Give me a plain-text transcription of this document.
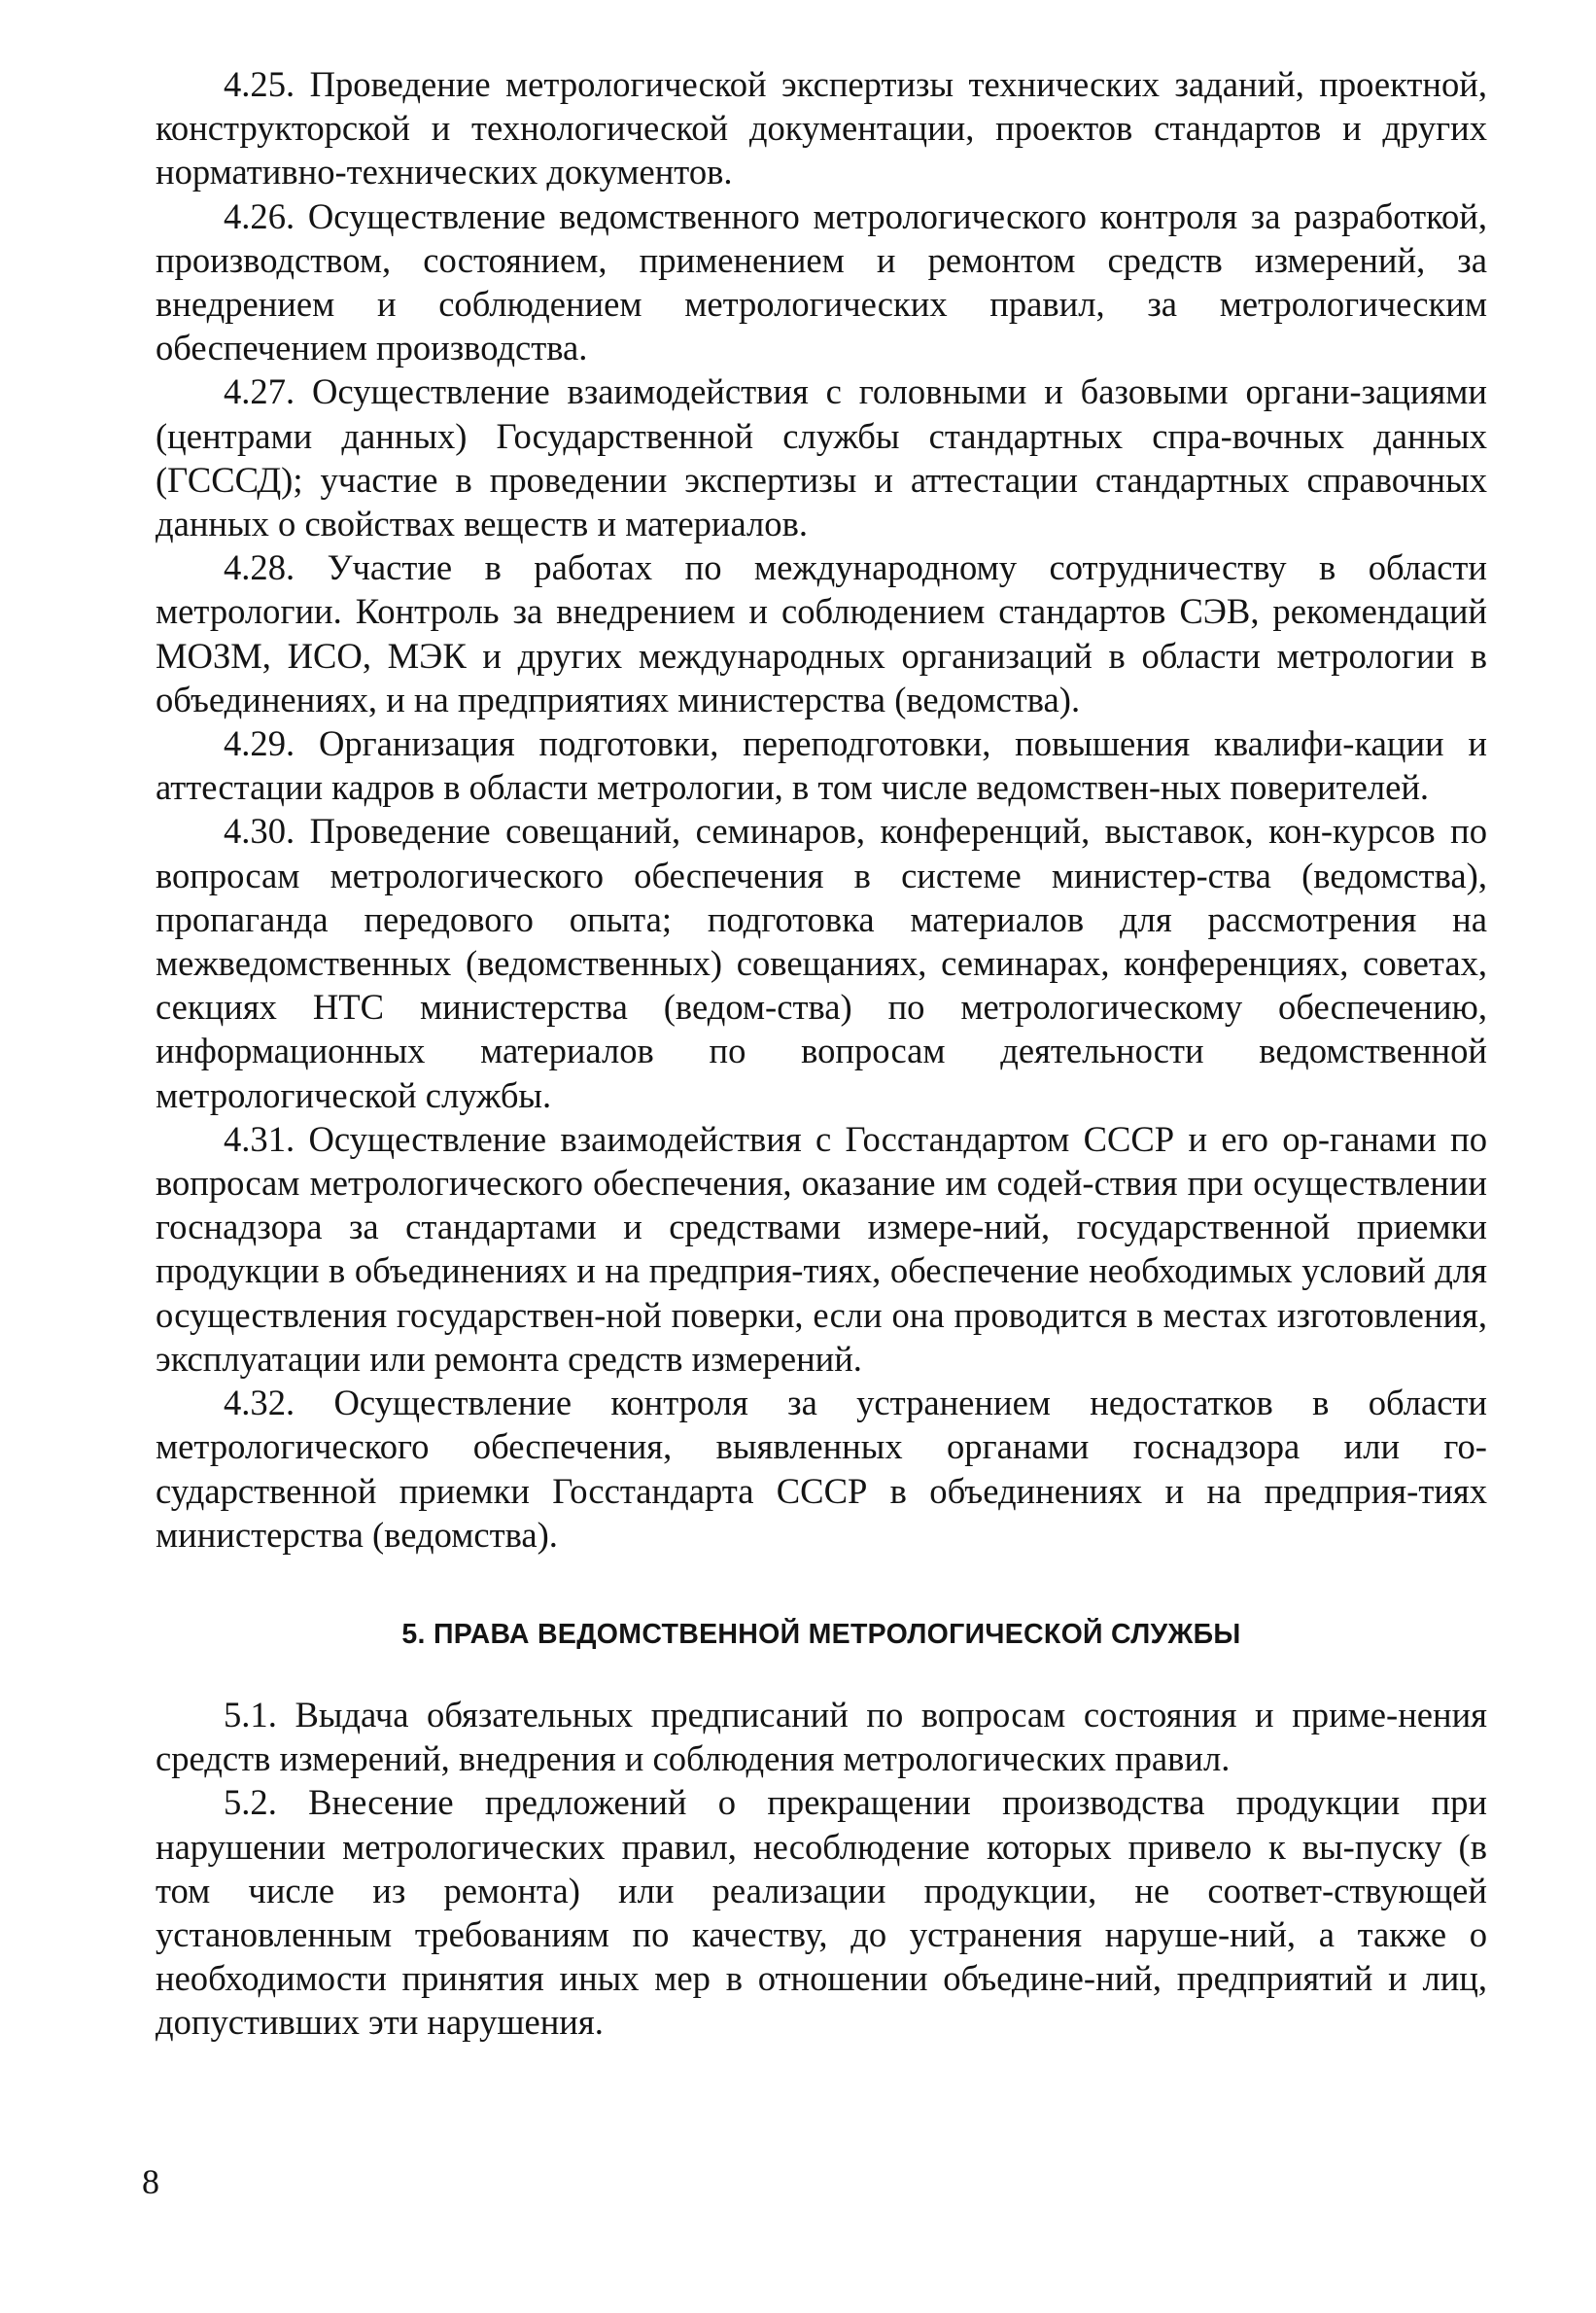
4.25. Проведение метрологической экспертизы технических заданий, проектной, конструкторской и технологической документации, проектов стандартов и других нормативно-технических документов.

4.26. Осуществление ведомственного метрологического контроля за разработкой, производством, состоянием, применением и ремонтом средств измерений, за внедрением и соблюдением метрологических правил, за метрологическим обеспечением производства.

4.27. Осуществление взаимодействия с головными и базовыми органи-зациями (центрами данных) Государственной службы стандартных спра-вочных данных (ГСССД); участие в проведении экспертизы и аттестации стандартных справочных данных о свойствах веществ и материалов.

4.28. Участие в работах по международному сотрудничеству в области метрологии. Контроль за внедрением и соблюдением стандартов СЭВ, рекомендаций МОЗМ, ИСО, МЭК и других международных организаций в области метрологии в объединениях, и на предприятиях министерства (ведомства).

4.29. Организация подготовки, переподготовки, повышения квалифи-кации и аттестации кадров в области метрологии, в том числе ведомствен-ных поверителей.

4.30. Проведение совещаний, семинаров, конференций, выставок, кон-курсов по вопросам метрологического обеспечения в системе министер-ства (ведомства), пропаганда передового опыта; подготовка материалов для рассмотрения на межведомственных (ведомственных) совещаниях, семинарах, конференциях, советах, секциях НТС министерства (ведом-ства) по метрологическому обеспечению, информационных материалов по вопросам деятельности ведомственной метрологической службы.

4.31. Осуществление взаимодействия с Госстандартом СССР и его ор-ганами по вопросам метрологического обеспечения, оказание им содей-ствия при осуществлении госнадзора за стандартами и средствами измере-ний, государственной приемки продукции в объединениях и на предприя-тиях, обеспечение необходимых условий для осуществления государствен-ной поверки, если она проводится в местах изготовления, эксплуатации или ремонта средств измерений.

4.32. Осуществление контроля за устранением недостатков в области метрологического обеспечения, выявленных органами госнадзора или го-сударственной приемки Госстандарта СССР в объединениях и на предприя-тиях министерства (ведомства).

5. ПРАВА ВЕДОМСТВЕННОЙ МЕТРОЛОГИЧЕСКОЙ СЛУЖБЫ

5.1. Выдача обязательных предписаний по вопросам состояния и приме-нения средств измерений, внедрения и соблюдения метрологических правил.

5.2. Внесение предложений о прекращении производства продукции при нарушении метрологических правил, несоблюдение которых привело к вы-пуску (в том числе из ремонта) или реализации продукции, не соответ-ствующей установленным требованиям по качеству, до устранения наруше-ний, а также о необходимости принятия иных мер в отношении объедине-ний, предприятий и лиц, допустивших эти нарушения.

8
